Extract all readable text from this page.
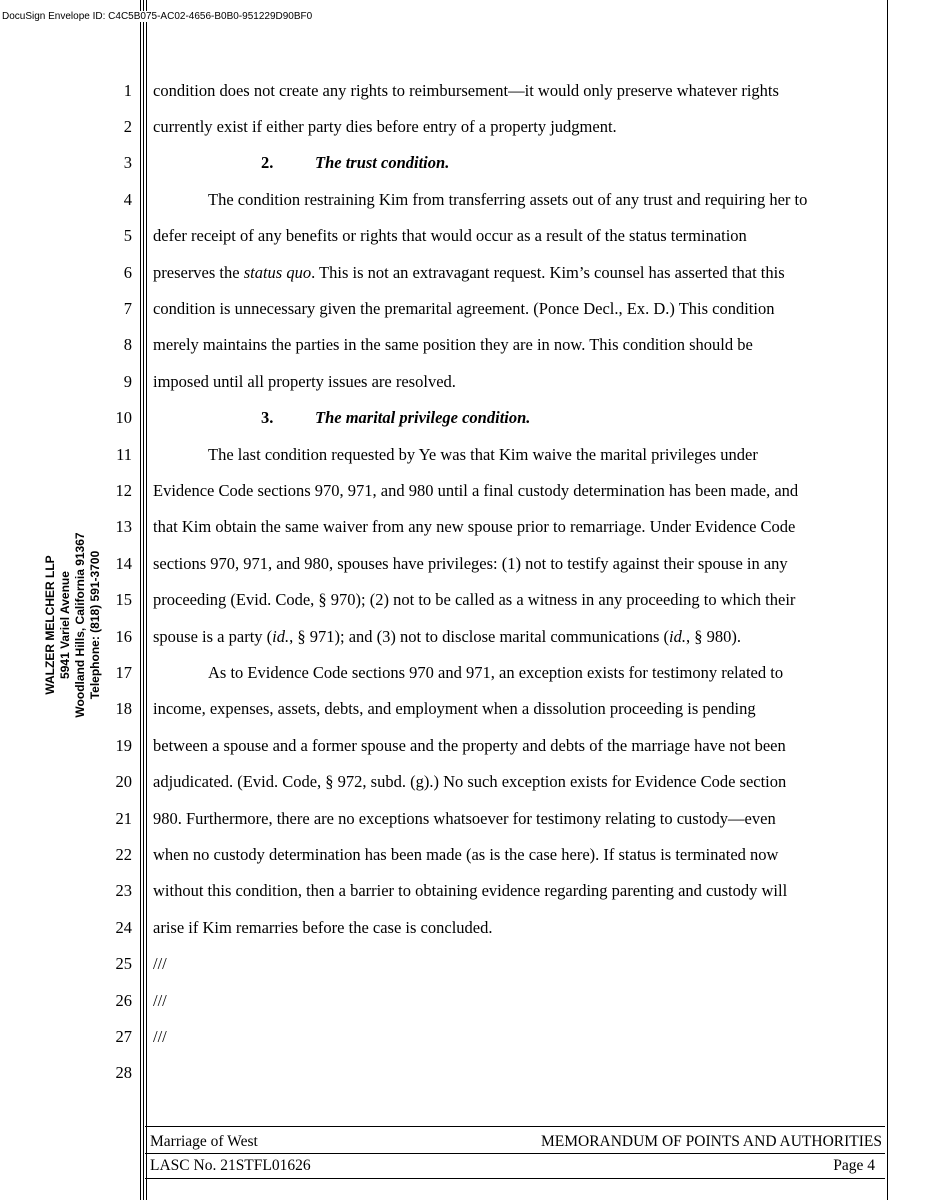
DocuSign Envelope ID: C4C5B075-AC02-4656-B0B0-951229D90BF0
WALZER MELCHER LLP 5941 Variel Avenue Woodland Hills, California 91367 Telephone: (818) 591-3700
1
2
3
4
5
6
7
8
9
10
11
12
13
14
15
16
17
18
19
20
21
22
23
24
25
26
27
28
condition does not create any rights to reimbursement—it would only preserve whatever rights
currently exist if either party dies before entry of a property judgment.
2.	The trust condition.
The condition restraining Kim from transferring assets out of any trust and requiring her to
defer receipt of any benefits or rights that would occur as a result of the status termination
preserves the status quo. This is not an extravagant request. Kim’s counsel has asserted that this
condition is unnecessary given the premarital agreement. (Ponce Decl., Ex. D.) This condition
merely maintains the parties in the same position they are in now. This condition should be
imposed until all property issues are resolved.
3.	The marital privilege condition.
The last condition requested by Ye was that Kim waive the marital privileges under
Evidence Code sections 970, 971, and 980 until a final custody determination has been made, and
that Kim obtain the same waiver from any new spouse prior to remarriage. Under Evidence Code
sections 970, 971, and 980, spouses have privileges: (1) not to testify against their spouse in any
proceeding (Evid. Code, § 970); (2) not to be called as a witness in any proceeding to which their
spouse is a party (id., § 971); and (3) not to disclose marital communications (id., § 980).
As to Evidence Code sections 970 and 971, an exception exists for testimony related to
income, expenses, assets, debts, and employment when a dissolution proceeding is pending
between a spouse and a former spouse and the property and debts of the marriage have not been
adjudicated. (Evid. Code, § 972, subd. (g).) No such exception exists for Evidence Code section
980. Furthermore, there are no exceptions whatsoever for testimony relating to custody—even
when no custody determination has been made (as is the case here). If status is terminated now
without this condition, then a barrier to obtaining evidence regarding parenting and custody will
arise if Kim remarries before the case is concluded.
///
///
///
Marriage of West	MEMORANDUM OF POINTS AND AUTHORITIES
LASC No. 21STFL01626	Page 4
